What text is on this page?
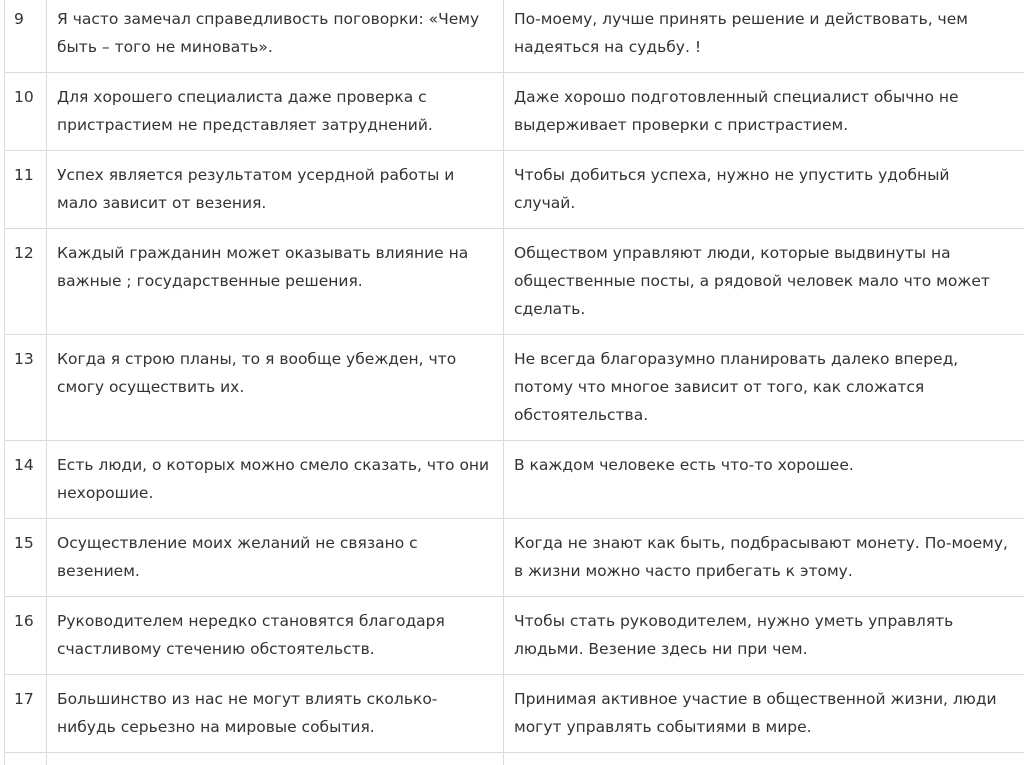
9	Я часто замечал справедливость поговорки: «Чему быть – того не миновать».	По-моему, лучше принять решение и действовать, чем надеяться на судьбу. !
10	Для хорошего специалиста даже проверка с пристрастием не представляет затруднений.	Даже хорошо подготовленный специалист обычно не выдерживает проверки с пристрастием.
11	Успех является результатом усердной работы и мало зависит от везения.	Чтобы добиться успеха, нужно не упустить удобный случай.
12	Каждый гражданин может оказывать влияние на важные ; государственные решения.	Обществом управляют люди, которые выдвинуты на общественные посты, а рядовой человек мало что может сделать.
13	Когда я строю планы, то я вообще убежден, что смогу осуществить их.	Не всегда благоразумно планировать далеко вперед, потому что многое зависит от того, как сложатся обстоятельства.
14	Есть люди, о которых можно смело сказать, что они нехорошие.	В каждом человеке есть что-то хорошее.
15	Осуществление моих желаний не связано с везением.	Когда не знают как быть, подбрасывают монету. По-моему, в жизни можно часто прибегать к этому.
16	Руководителем нередко становятся благодаря счастливому стечению обстоятельств.	Чтобы стать руководителем, нужно уметь управлять людьми. Везение здесь ни при чем.
17	Большинство из нас не могут влиять сколько-нибудь серьезно на мировые события.	Принимая активное участие в общественной жизни, люди могут управлять событиями в мире.
